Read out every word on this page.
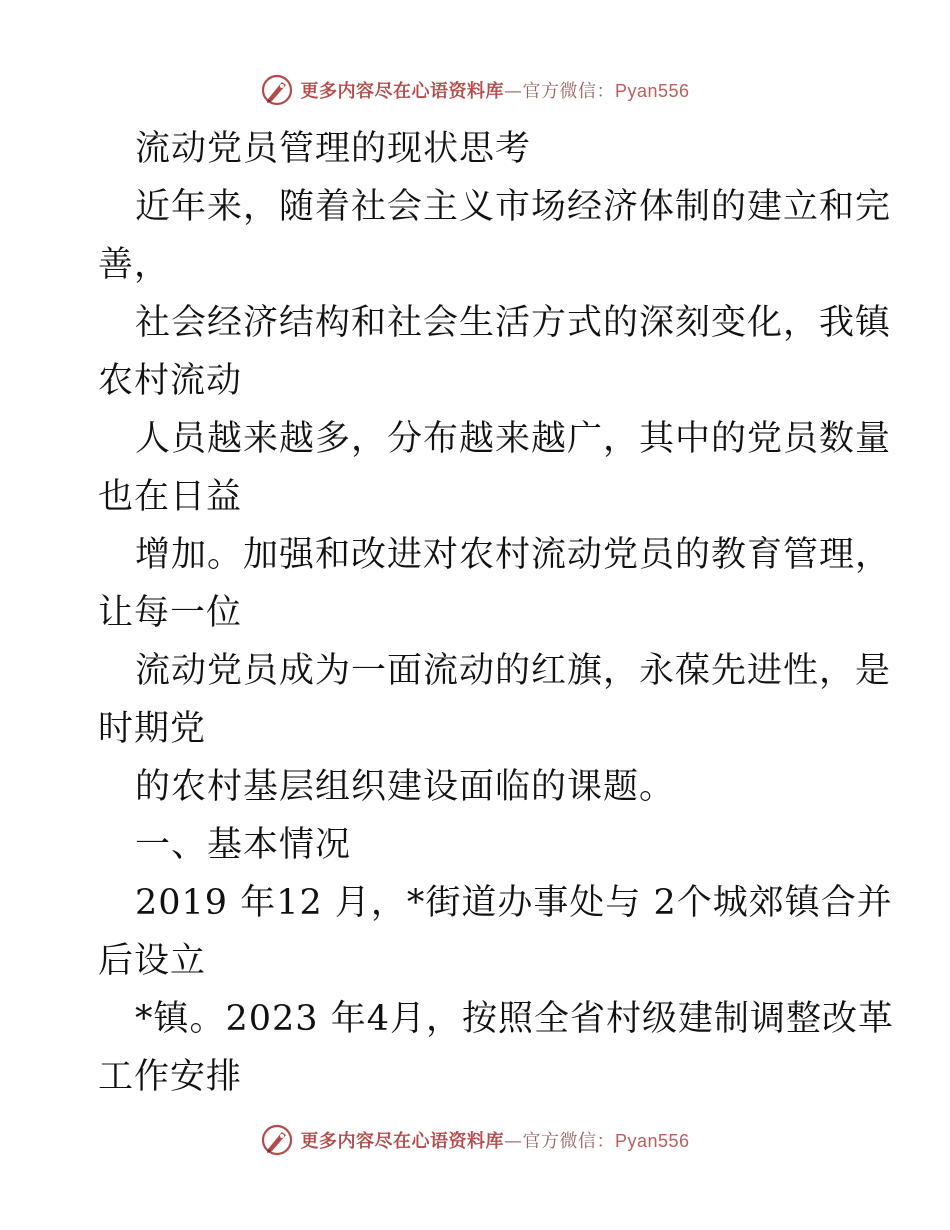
更多内容尽在心语资料库—官方微信：Pyan556

流动党员管理的现状思考

近年来，随着社会主义市场经济体制的建立和完

善，

社会经济结构和社会生活方式的深刻变化，我镇

农村流动

人员越来越多，分布越来越广，其中的党员数量

也在日益

增加。加强和改进对农村流动党员的教育管理，

让每一位

流动党员成为一面流动的红旗，永葆先进性，是

时期党

的农村基层组织建设面临的课题。

一、基本情况

2019 年12 月，*街道办事处与 2个城郊镇合并

后设立

*镇。2023 年4月，按照全省村级建制调整改革

工作安排

更多内容尽在心语资料库—官方微信：Pyan556
